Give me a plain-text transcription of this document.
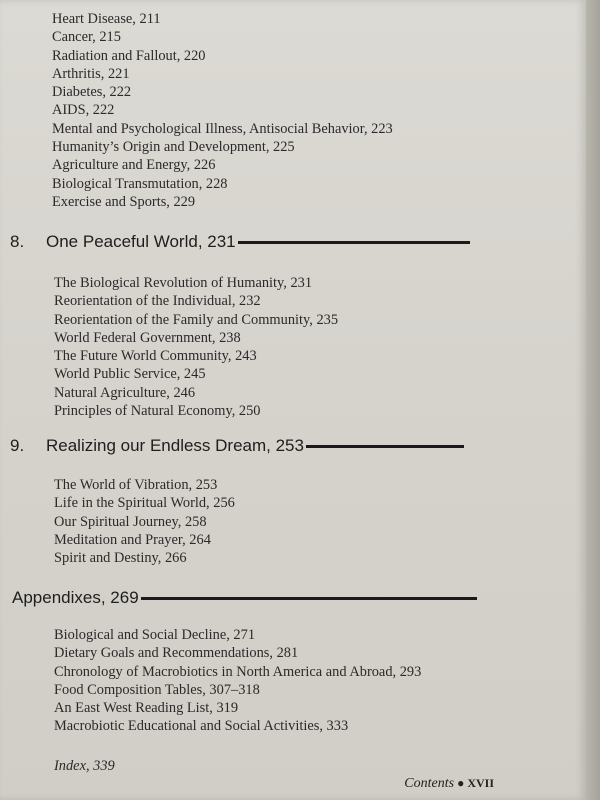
Heart Disease, 211
Cancer, 215
Radiation and Fallout, 220
Arthritis, 221
Diabetes, 222
AIDS, 222
Mental and Psychological Illness, Antisocial Behavior, 223
Humanity’s Origin and Development, 225
Agriculture and Energy, 226
Biological Transmutation, 228
Exercise and Sports, 229
8.	One Peaceful World, 231
The Biological Revolution of Humanity, 231
Reorientation of the Individual, 232
Reorientation of the Family and Community, 235
World Federal Government, 238
The Future World Community, 243
World Public Service, 245
Natural Agriculture, 246
Principles of Natural Economy, 250
9.	Realizing our Endless Dream, 253
The World of Vibration, 253
Life in the Spiritual World, 256
Our Spiritual Journey, 258
Meditation and Prayer, 264
Spirit and Destiny, 266
Appendixes, 269
Biological and Social Decline, 271
Dietary Goals and Recommendations, 281
Chronology of Macrobiotics in North America and Abroad, 293
Food Composition Tables, 307–318
An East West Reading List, 319
Macrobiotic Educational and Social Activities, 333
Index, 339
Contents ● XVII
